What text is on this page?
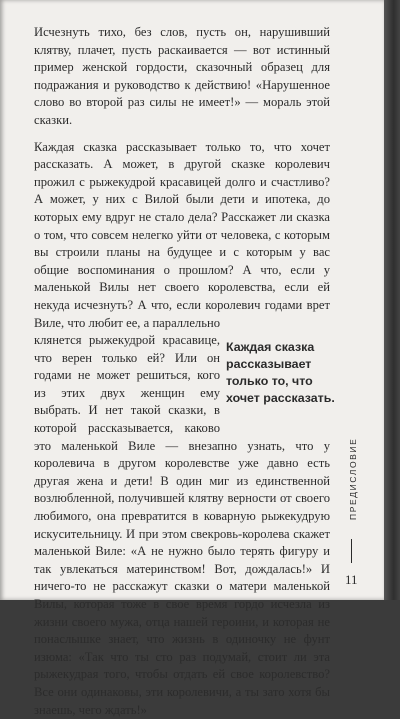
Исчезнуть тихо, без слов, пусть он, нарушивший клятву, плачет, пусть раскаивается — вот истинный пример женской гордости, сказочный образец для подражания и руководство к действию! «Нарушенное слово во второй раз силы не имеет!» — мораль этой сказки.

Каждая сказка рассказывает только то, что хочет рассказать. А может, в другой сказке королевич прожил с рыжекудрой красавицей долго и счастливо? А может, у них с Вилой были дети и ипотека, до которых ему вдруг не стало дела? Расскажет ли сказка о том, что совсем нелегко уйти от человека, с которым вы строили планы на будущее и с которым у вас общие воспоминания о прошлом? А что, если у маленькой Вилы нет своего королевства, если ей некуда исчезнуть? А что, если королевич годами врет Виле, что любит ее, а параллельно клянется рыжекудрой красавице, что верен только ей? Или он годами не может решиться, кого из этих двух женщин ему выбрать. И нет такой сказки, в которой рассказывается, каково это маленькой Виле — внезапно узнать, что у королевича в другом королевстве уже давно есть другая жена и дети! В один миг из единственной возлюбленной, получившей клятву верности от своего любимого, она превратится в коварную рыжекудрую искусительницу. И при этом свекровь-королева скажет маленькой Виле: «А не нужно было терять фигуру и так увлекаться материнством! Вот, дождалась!» И ничего-то не расскажут сказки о матери маленькой Вилы, которая тоже в свое время гордо исчезла из жизни своего мужа, отца нашей героини, и которая не понаслышке знает, что жизнь в одиночку не фунт изюма: «Так что ты сто раз подумай, стоит ли эта рыжекудрая того, чтобы отдать ей свое королевство? Все они одинаковы, эти королевичи, а ты зато хотя бы знаешь, чего ждать!»

Каждая сказка рассказывает только то, что хочет рассказать.
ПРЕДИСЛОВИЕ
11
